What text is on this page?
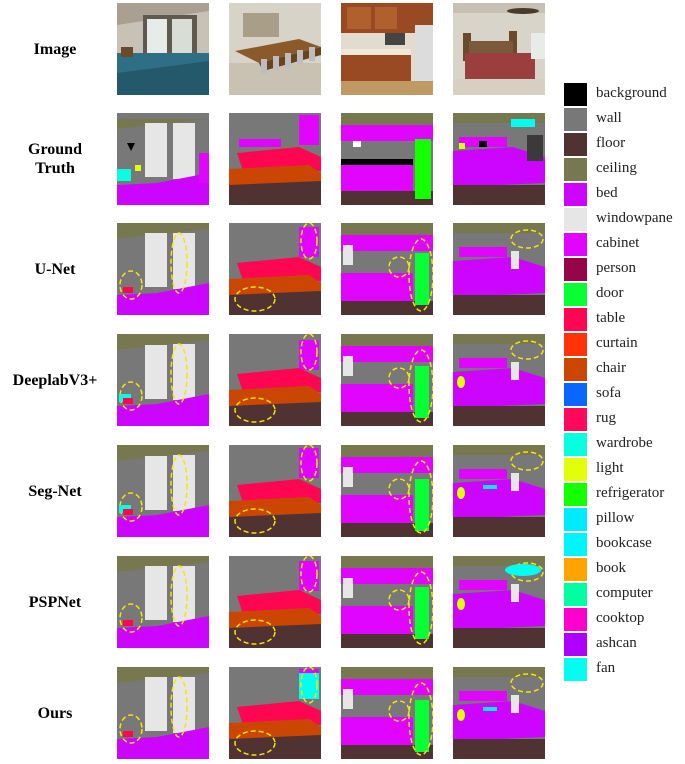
Image
Ground
Truth
U-Net
DeeplabV3+
Seg-Net
PSPNet
Ours
background
wall
floor
ceiling
bed
windowpane
cabinet
person
door
table
curtain
chair
sofa
rug
wardrobe
light
refrigerator
pillow
bookcase
book
computer
cooktop
ashcan
fan
